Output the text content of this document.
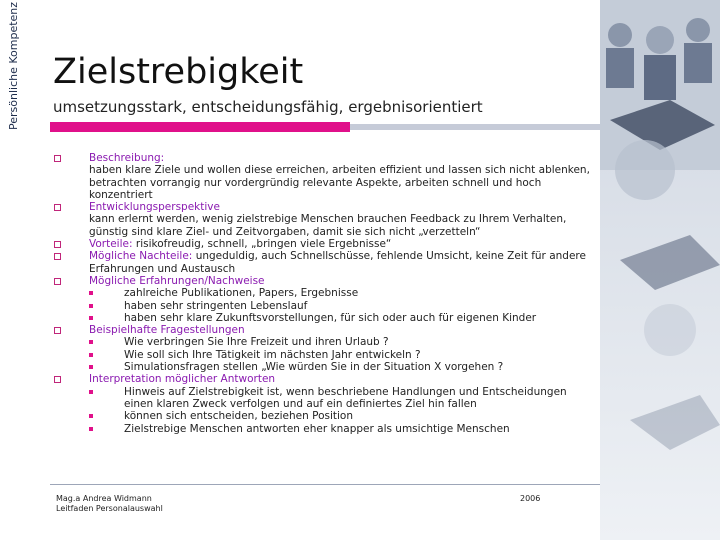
Persönliche Kompetenz Zielstrebigkeit
umsetzungsstark, entscheidungsfähig, ergebnisorientiert
Beschreibung:
haben klare Ziele und wollen diese erreichen, arbeiten effizient und lassen sich nicht ablenken, betrachten vorrangig nur vordergründig relevante Aspekte, arbeiten schnell und hoch konzentriert
Entwicklungsperspektive
kann erlernt werden, wenig zielstrebige Menschen brauchen Feedback zu Ihrem Verhalten, günstig sind klare Ziel- und Zeitvorgaben, damit sie sich nicht „verzetteln“
Vorteile: risikofreudig, schnell, „bringen viele Ergebnisse“
Mögliche Nachteile: ungeduldig, auch Schnellschüsse, fehlende Umsicht, keine Zeit für andere Erfahrungen und Austausch
Mögliche Erfahrungen/Nachweise
zahlreiche Publikationen, Papers, Ergebnisse
haben sehr stringenten Lebenslauf
haben sehr klare Zukunftsvorstellungen, für sich oder auch für eigenen Kinder
Beispielhafte Fragestellungen
Wie verbringen Sie Ihre Freizeit und ihren Urlaub ?
Wie soll sich Ihre Tätigkeit im nächsten Jahr entwickeln ?
Simulationsfragen stellen „Wie würden Sie in der Situation X vorgehen ?
Interpretation möglicher Antworten
Hinweis auf Zielstrebigkeit ist, wenn beschriebene Handlungen und Entscheidungen einen klaren Zweck verfolgen und auf ein definiertes Ziel hin fallen
können sich entscheiden, beziehen Position
Zielstrebige Menschen antworten eher knapper als umsichtige Menschen
Mag.a Andrea Widmann
Leitfaden Personalauswahl
2006
